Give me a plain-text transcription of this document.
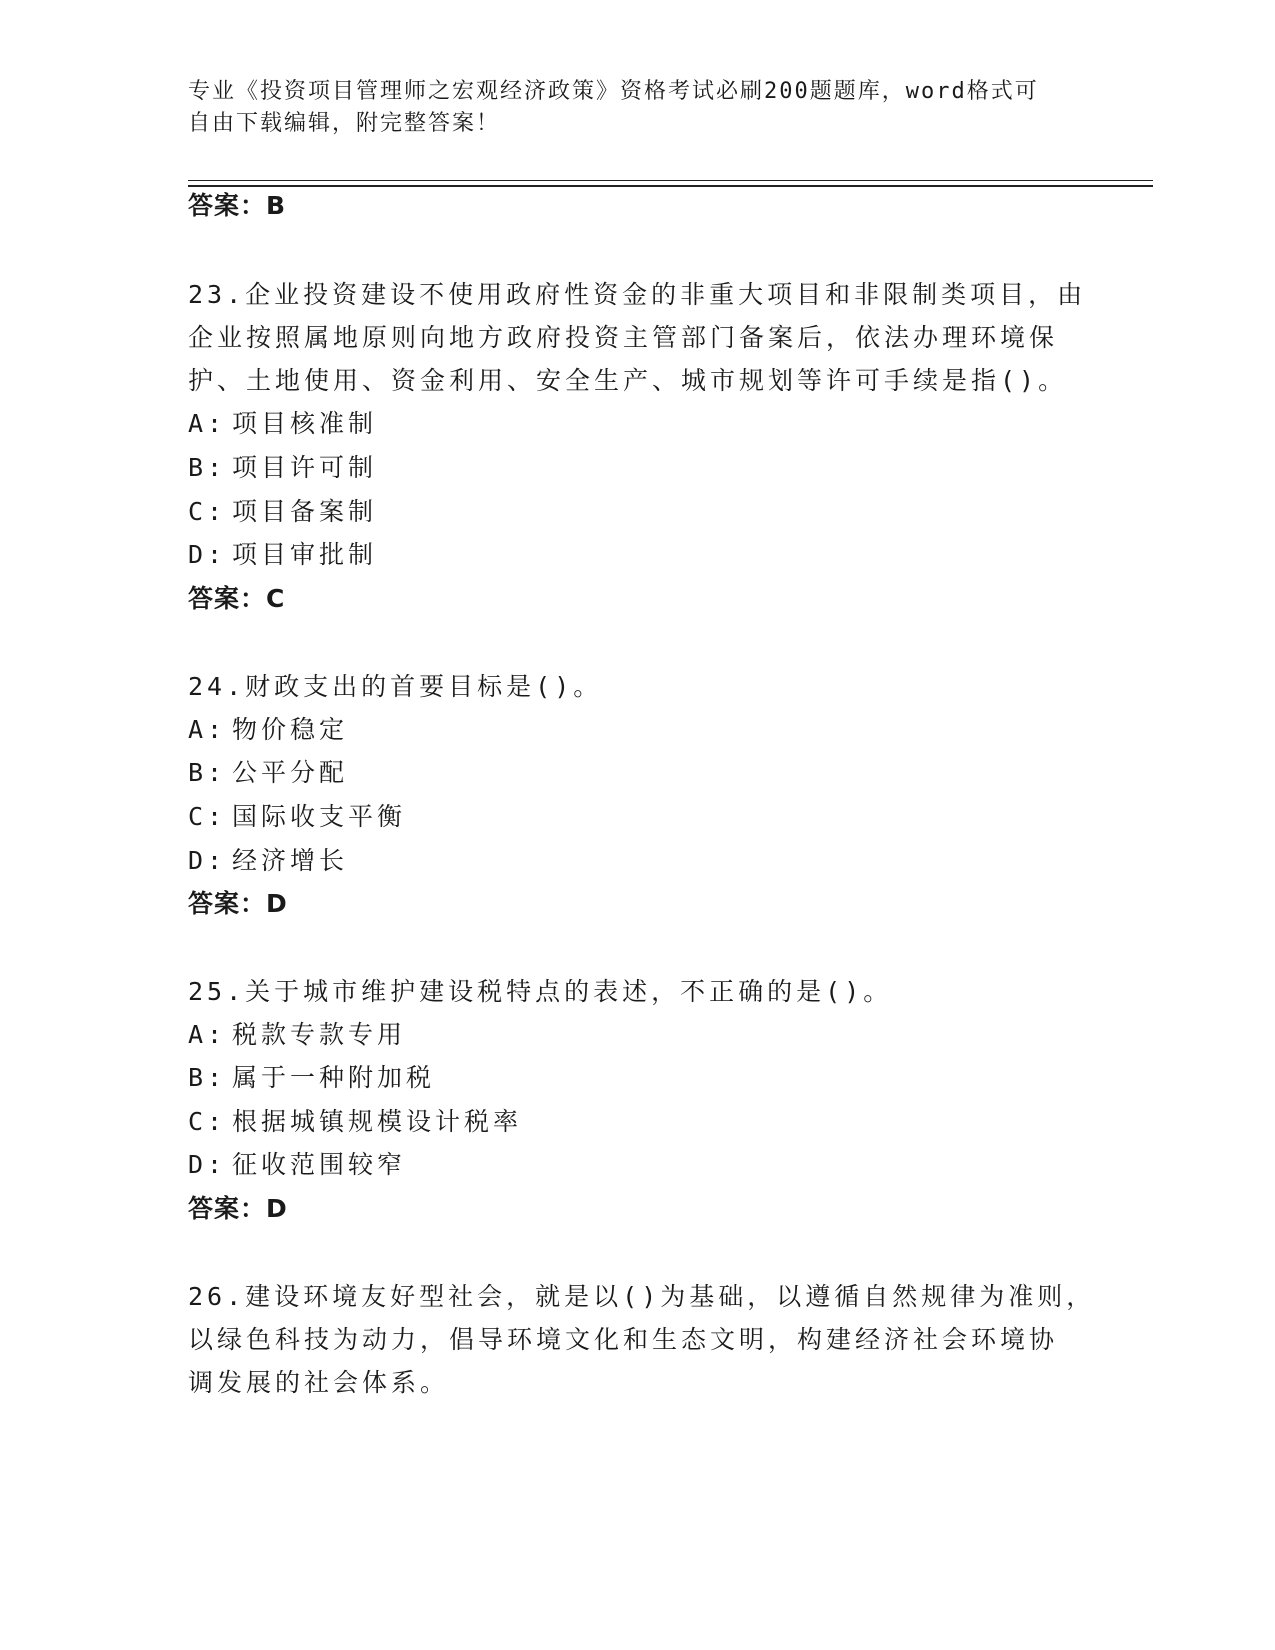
专业《投资项目管理师之宏观经济政策》资格考试必刷200题题库，word格式可
自由下载编辑，附完整答案！
答案：B
23.企业投资建设不使用政府性资金的非重大项目和非限制类项目，由
企业按照属地原则向地方政府投资主管部门备案后，依法办理环境保
护、土地使用、资金利用、安全生产、城市规划等许可手续是指()。
A: 项目核准制
B: 项目许可制
C: 项目备案制
D: 项目审批制
答案：C
24.财政支出的首要目标是()。
A: 物价稳定
B: 公平分配
C: 国际收支平衡
D: 经济增长
答案：D
25.关于城市维护建设税特点的表述，不正确的是()。
A: 税款专款专用
B: 属于一种附加税
C: 根据城镇规模设计税率
D: 征收范围较窄
答案：D
26.建设环境友好型社会，就是以()为基础，以遵循自然规律为准则，
以绿色科技为动力，倡导环境文化和生态文明，构建经济社会环境协
调发展的社会体系。
